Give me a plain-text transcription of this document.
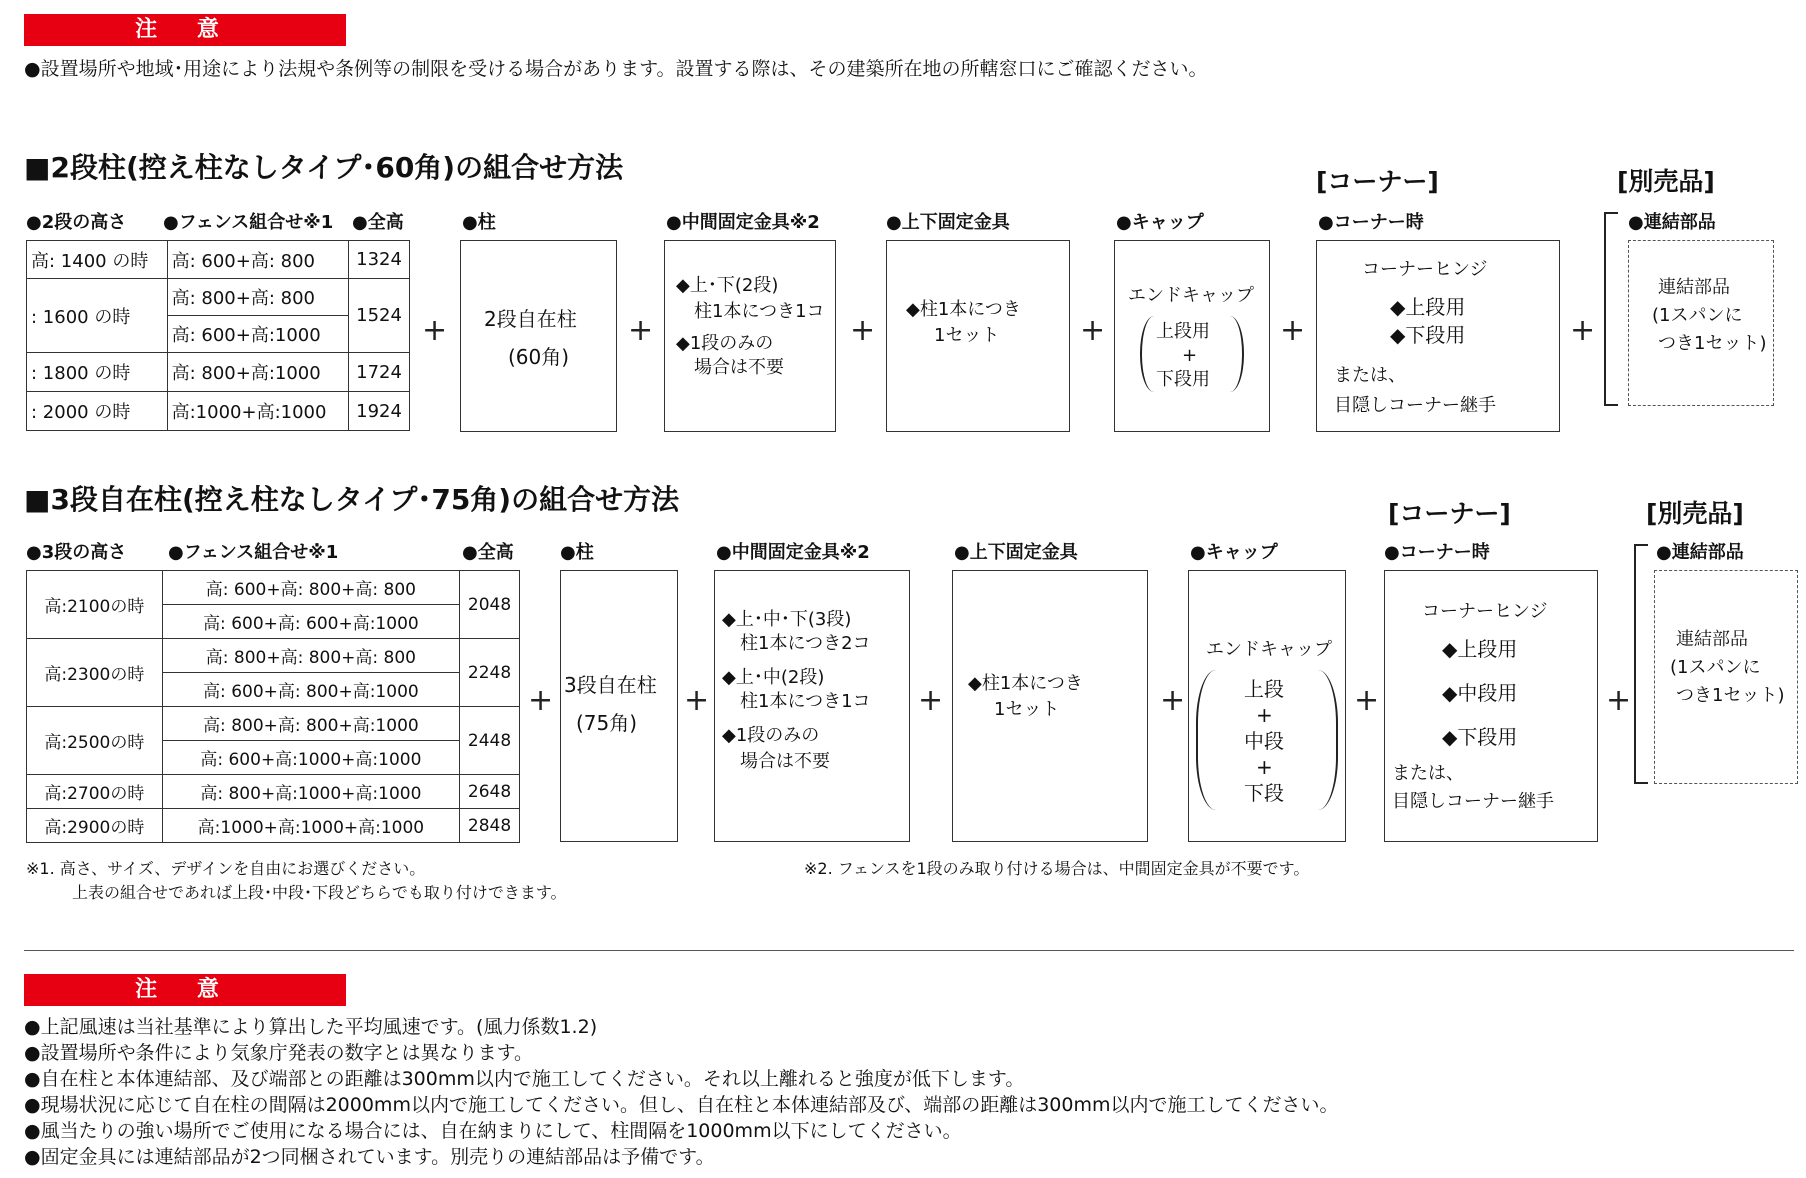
注 意
●設置場所や地域･用途により法規や条例等の制限を受ける場合があります。設置する際は、その建築所在地の所轄窓口にご確認ください。
■2段柱(控え柱なしタイプ･60角)の組合せ方法	[コーナー]	[別売品]
●2段の高さ ●フェンス組合せ※1 ●全高	●柱	●中間固定金具※2	●上下固定金具	●キャップ	●コーナー時	●連結部品
高: 1400 の時	高: 600+高: 800	1324
: 1600 の時	高: 800+高: 800	1524
	高: 600+高:1000	
: 1800 の時	高: 800+高:1000	1724
: 2000 の時	高:1000+高:1000	1924
+ 2段自在柱
(60角)
+
◆上･下(2段)
柱1本につき1コ
◆1段のみの
場合は不要
+
◆柱1本につき
1セット	+
エンドキャップ
上段用
+
下段用
+
コーナーヒンジ
◆上段用
◆下段用
または、
目隠しコーナー継手
+
連結部品
(1スパンに
つき1セット)
■3段自在柱(控え柱なしタイプ･75角)の組合せ方法	[コーナー]	[別売品]
●3段の高さ ●フェンス組合せ※1	●全高	●柱	●中間固定金具※2	●上下固定金具	●キャップ	●コーナー時	●連結部品
高:2100の時	高: 600+高: 800+高: 800	2048
	高: 600+高: 600+高:1000	
高:2300の時	高: 800+高: 800+高: 800	2248
	高: 600+高: 800+高:1000	
高:2500の時	高: 800+高: 800+高:1000	2448
	高: 600+高:1000+高:1000	
高:2700の時	高: 800+高:1000+高:1000	2648
高:2900の時	高:1000+高:1000+高:1000	2848
+ 3段自在柱
(75角)
+
◆上･中･下(3段)
柱1本につき2コ
◆上･中(2段)
柱1本につき1コ
◆1段のみの
場合は不要
+ ◆柱1本につき
1セット	+
エンドキャップ
上段
+
中段
+
下段
+
コーナーヒンジ
◆上段用
◆中段用
◆下段用
または、
目隠しコーナー継手
+
連結部品
(1スパンに
つき1セット)
※1. 高さ、サイズ、デザインを自由にお選びください。
上表の組合せであれば上段･中段･下段どちらでも取り付けできます。
※2. フェンスを1段のみ取り付ける場合は、中間固定金具が不要です。
注 意
●上記風速は当社基準により算出した平均風速です。(風力係数1.2)
●設置場所や条件により気象庁発表の数字とは異なります。
●自在柱と本体連結部、及び端部との距離は300mm以内で施工してください。それ以上離れると強度が低下します。
●現場状況に応じて自在柱の間隔は2000mm以内で施工してください。但し、自在柱と本体連結部及び、端部の距離は300mm以内で施工してください。
●風当たりの強い場所でご使用になる場合には、自在納まりにして、柱間隔を1000mm以下にしてください。
●固定金具には連結部品が2つ同梱されています。別売りの連結部品は予備です。
